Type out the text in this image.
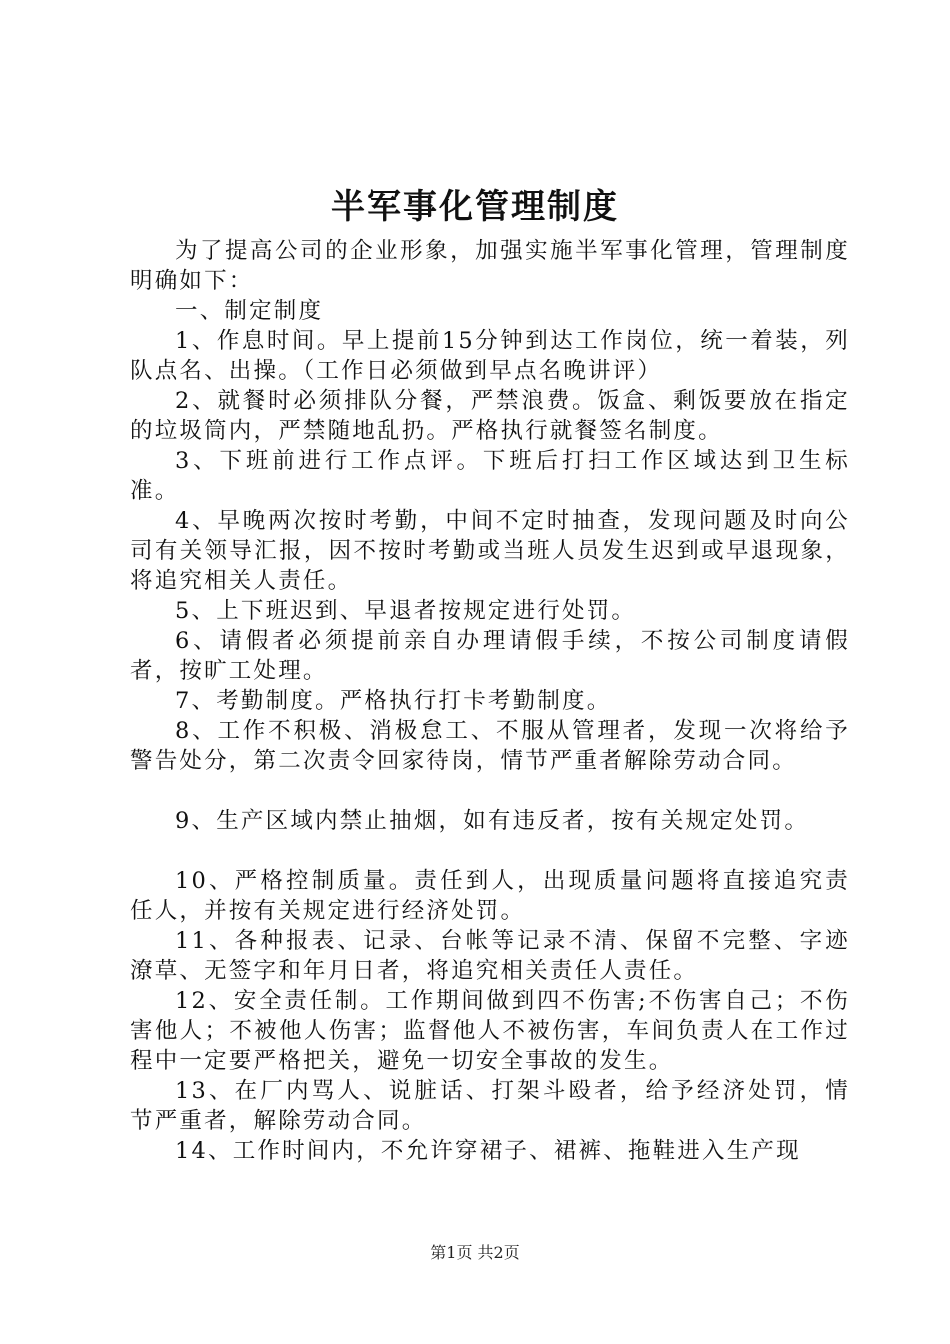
半军事化管理制度

为了提高公司的企业形象，加强实施半军事化管理，管理制度明确如下：

一、制定制度

1、作息时间。早上提前15分钟到达工作岗位，统一着装，列队点名、出操。（工作日必须做到早点名晚讲评）

2、就餐时必须排队分餐，严禁浪费。饭盒、剩饭要放在指定的垃圾筒内，严禁随地乱扔。严格执行就餐签名制度。

3、下班前进行工作点评。下班后打扫工作区域达到卫生标准。

4、早晚两次按时考勤，中间不定时抽查，发现问题及时向公司有关领导汇报，因不按时考勤或当班人员发生迟到或早退现象，将追究相关人责任。

5、上下班迟到、早退者按规定进行处罚。

6、请假者必须提前亲自办理请假手续，不按公司制度请假者，按旷工处理。

7、考勤制度。严格执行打卡考勤制度。

8、工作不积极、消极怠工、不服从管理者，发现一次将给予警告处分，第二次责令回家待岗，情节严重者解除劳动合同。

9、生产区域内禁止抽烟，如有违反者，按有关规定处罚。

10、严格控制质量。责任到人，出现质量问题将直接追究责任人，并按有关规定进行经济处罚。

11、各种报表、记录、台帐等记录不清、保留不完整、字迹潦草、无签字和年月日者，将追究相关责任人责任。

12、安全责任制。工作期间做到四不伤害;不伤害自己；不伤害他人；不被他人伤害；监督他人不被伤害，车间负责人在工作过程中一定要严格把关，避免一切安全事故的发生。

13、在厂内骂人、说脏话、打架斗殴者，给予经济处罚，情节严重者，解除劳动合同。

14、工作时间内，不允许穿裙子、裙裤、拖鞋进入生产现

第1页 共2页
